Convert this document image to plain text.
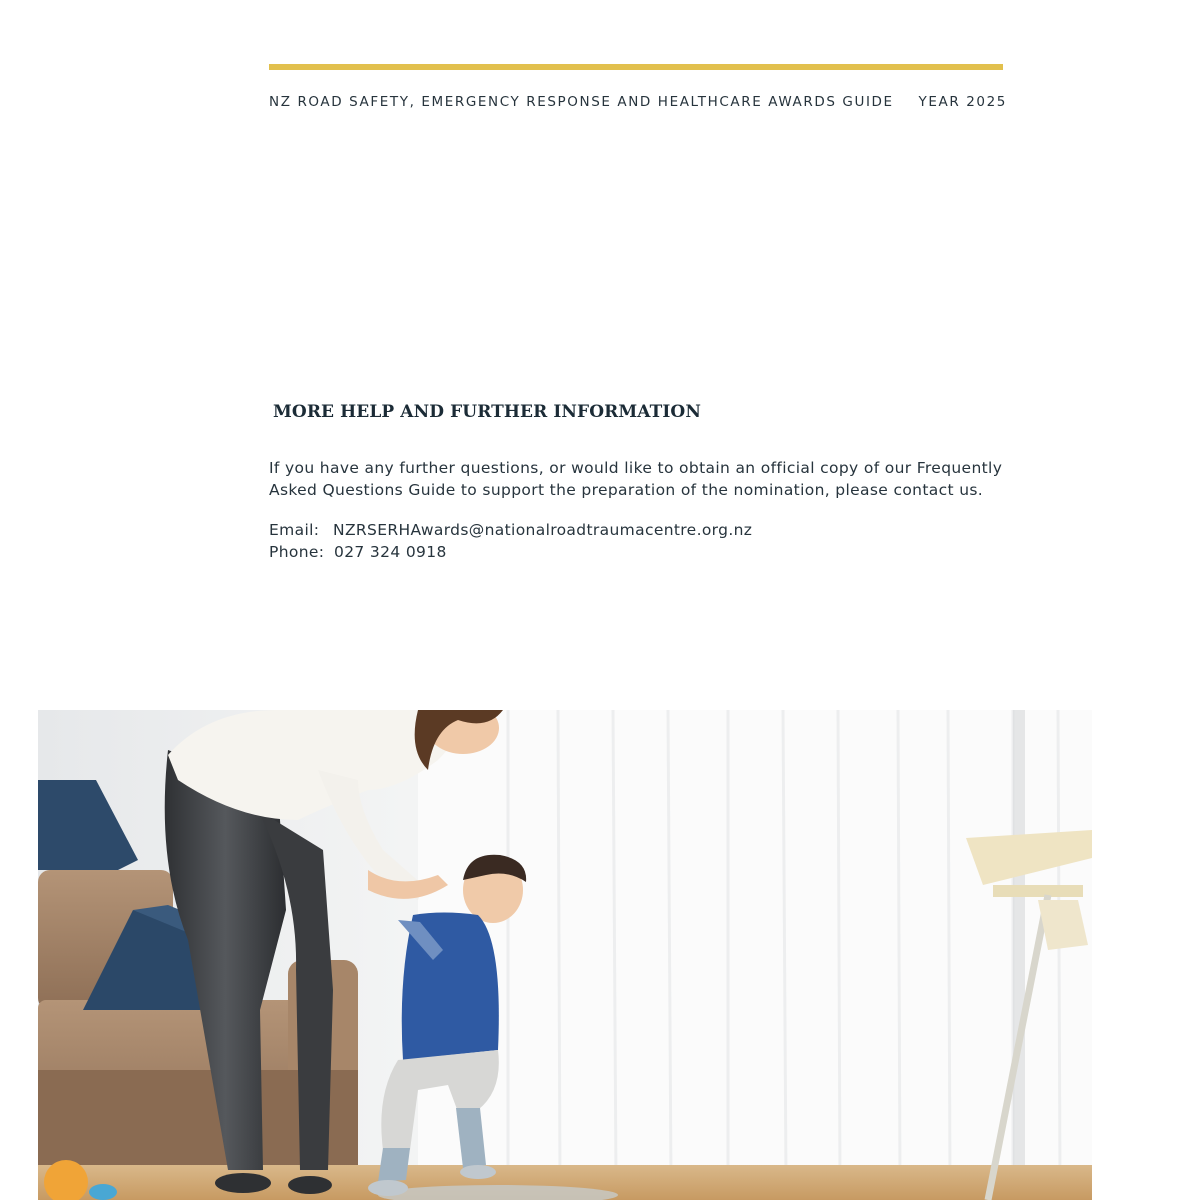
NZ ROAD SAFETY, EMERGENCY RESPONSE AND HEALTHCARE AWARDS GUIDE YEAR 2025
MORE HELP AND FURTHER INFORMATION

If you have any further questions, or would like to obtain an official copy of our Frequently
Asked Questions Guide to support the preparation of the nomination, please contact us.

Email: NZRSERHAwards@nationalroadtraumacentre.org.nz
Phone: 027 324 0918
